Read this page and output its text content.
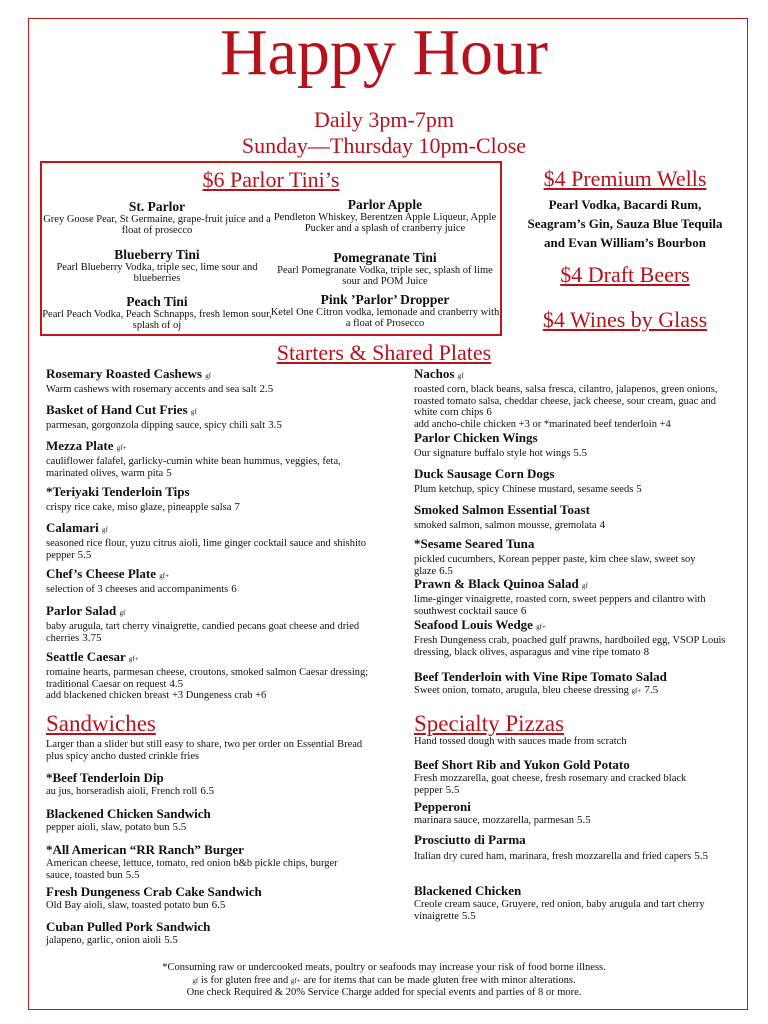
Happy Hour
Daily 3pm-7pm
Sunday—Thursday 10pm-Close
$6 Parlor Tini’s
St. Parlor
Grey Goose Pear, St Germaine, grape-fruit juice and a float of prosecco
Blueberry Tini
Pearl Blueberry Vodka, triple sec, lime sour and blueberries
Peach Tini
Pearl Peach Vodka, Peach Schnapps, fresh lemon sour, splash of oj
Parlor Apple
Pendleton Whiskey, Berentzen Apple Liqueur, Apple Pucker and a splash of cranberry juice
Pomegranate Tini
Pearl Pomegranate Vodka, triple sec, splash of lime sour and POM Juice
Pink ’Parlor’ Dropper
Ketel One Citron vodka, lemonade and cranberry with a float of Prosecco
$4 Premium Wells
Pearl Vodka, Bacardi Rum,
Seagram’s Gin, Sauza Blue Tequila
and Evan William’s Bourbon
$4 Draft Beers
$4 Wines by Glass
Starters & Shared Plates
Rosemary Roasted Cashews gf
Warm cashews with rosemary accents and sea salt 2.5
Basket of Hand Cut Fries gf
parmesan, gorgonzola dipping sauce, spicy chili salt 3.5
Mezza Plate gf+
cauliflower falafel, garlicky-cumin white bean hummus, veggies, feta, marinated olives, warm pita 5
*Teriyaki Tenderloin Tips
crispy rice cake, miso glaze, pineapple salsa 7
Calamari gf
seasoned rice flour, yuzu citrus aioli, lime ginger cocktail sauce and shishito pepper 5.5
Chef’s Cheese Plate gf+
selection of 3 cheeses and accompaniments 6
Parlor Salad gf
baby arugula, tart cherry vinaigrette, candied pecans goat cheese and dried cherries 3.75
Seattle Caesar gf+
romaine hearts, parmesan cheese, croutons, smoked salmon Caesar dressing; traditional Caesar on request 4.5
add blackened chicken breast +3 Dungeness crab +6
Nachos gf
roasted corn, black beans, salsa fresca, cilantro, jalapenos, green onions, roasted tomato salsa, cheddar cheese, jack cheese, sour cream, guac and white corn chips 6
add ancho-chile chicken +3 or *marinated beef tenderloin +4
Parlor Chicken Wings
Our signature buffalo style hot wings 5.5
Duck Sausage Corn Dogs
Plum ketchup, spicy Chinese mustard, sesame seeds 5
Smoked Salmon Essential Toast
smoked salmon, salmon mousse, gremolata 4
*Sesame Seared Tuna
pickled cucumbers, Korean pepper paste, kim chee slaw, sweet soy glaze 6.5
Prawn & Black Quinoa Salad gf
lime-ginger vinaigrette, roasted corn, sweet peppers and cilantro with southwest cocktail sauce 6
Seafood Louis Wedge gf+
Fresh Dungeness crab, poached gulf prawns, hardboiled egg, VSOP Louis dressing, black olives, asparagus and vine ripe tomato 8
Beef Tenderloin with Vine Ripe Tomato Salad
Sweet onion, tomato, arugula, bleu cheese dressing gf+ 7.5
Sandwiches
Larger than a slider but still easy to share, two per order on Essential Bread plus spicy ancho dusted crinkle fries
*Beef Tenderloin Dip
au jus, horseradish aioli, French roll 6.5
Blackened Chicken Sandwich
pepper aioli, slaw, potato bun 5.5
*All American “RR Ranch” Burger
American cheese, lettuce, tomato, red onion b&b pickle chips, burger sauce, toasted bun 5.5
Fresh Dungeness Crab Cake Sandwich
Old Bay aioli, slaw, toasted potato bun 6.5
Cuban Pulled Pork Sandwich
jalapeno, garlic, onion aioli 5.5
Specialty Pizzas
Hand tossed dough with sauces made from scratch
Beef Short Rib and Yukon Gold Potato
Fresh mozzarella, goat cheese, fresh rosemary and cracked black pepper 5.5
Pepperoni
marinara sauce, mozzarella, parmesan 5.5
Prosciutto di Parma
Italian dry cured ham, marinara, fresh mozzarella and fried capers 5.5
Blackened Chicken
Creole cream sauce, Gruyere, red onion, baby arugula and tart cherry vinaigrette 5.5
*Consuming raw or undercooked meats, poultry or seafoods may increase your risk of food borne illness.
gf is for gluten free and gf+ are for items that can be made gluten free with minor alterations.
One check Required & 20% Service Charge added for special events and parties of 8 or more.
